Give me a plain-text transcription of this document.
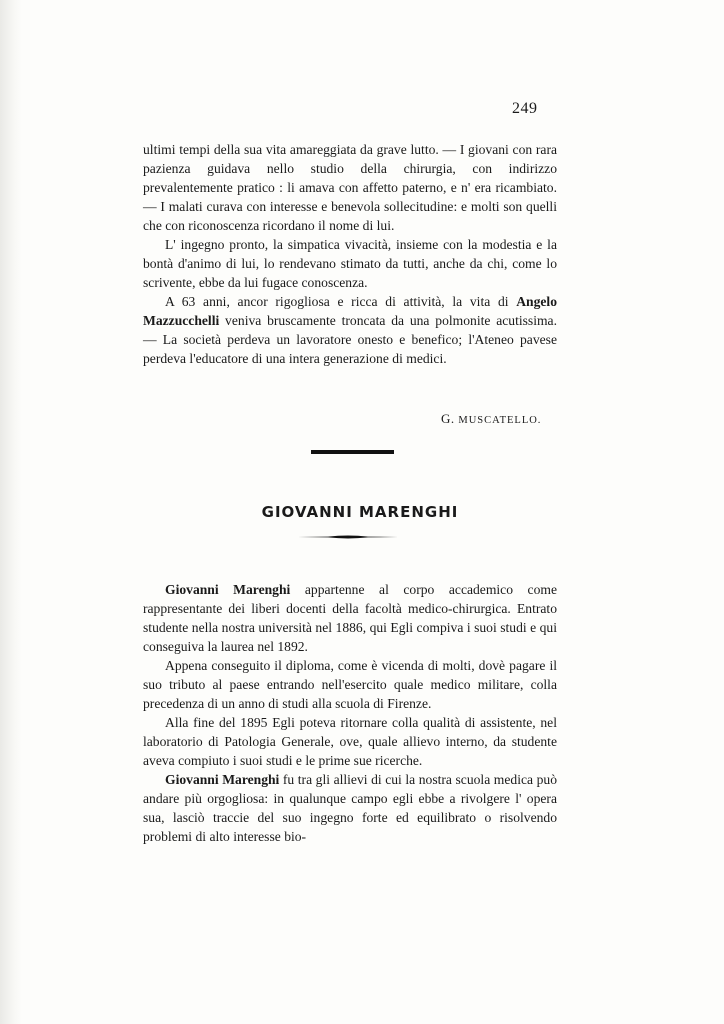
249

ultimi tempi della sua vita amareggiata da grave lutto. — I giovani con rara pazienza guidava nello studio della chirurgia, con indirizzo prevalentemente pratico : li amava con affetto paterno, e n' era ricambiato. — I malati curava con interesse e benevola sollecitudine: e molti son quelli che con riconoscenza ricordano il nome di lui.

L' ingegno pronto, la simpatica vivacità, insieme con la modestia e la bontà d'animo di lui, lo rendevano stimato da tutti, anche da chi, come lo scrivente, ebbe da lui fugace conoscenza.

A 63 anni, ancor rigogliosa e ricca di attività, la vita di Angelo Mazzucchelli veniva bruscamente troncata da una polmonite acutissima. — La società perdeva un lavoratore onesto e benefico; l'Ateneo pavese perdeva l'educatore di una intera generazione di medici.

G. MUSCATELLO.
GIOVANNI MARENGHI

Giovanni Marenghi appartenne al corpo accademico come rappresentante dei liberi docenti della facoltà medico-chirurgica. Entrato studente nella nostra università nel 1886, qui Egli compiva i suoi studi e qui conseguiva la laurea nel 1892.

Appena conseguito il diploma, come è vicenda di molti, dovè pagare il suo tributo al paese entrando nell'esercito quale medico militare, colla precedenza di un anno di studi alla scuola di Firenze.

Alla fine del 1895 Egli poteva ritornare colla qualità di assistente, nel laboratorio di Patologia Generale, ove, quale allievo interno, da studente aveva compiuto i suoi studi e le prime sue ricerche.

Giovanni Marenghi fu tra gli allievi di cui la nostra scuola medica può andare più orgogliosa: in qualunque campo egli ebbe a rivolgere l' opera sua, lasciò traccie del suo ingegno forte ed equilibrato o risolvendo problemi di alto interesse bio-
